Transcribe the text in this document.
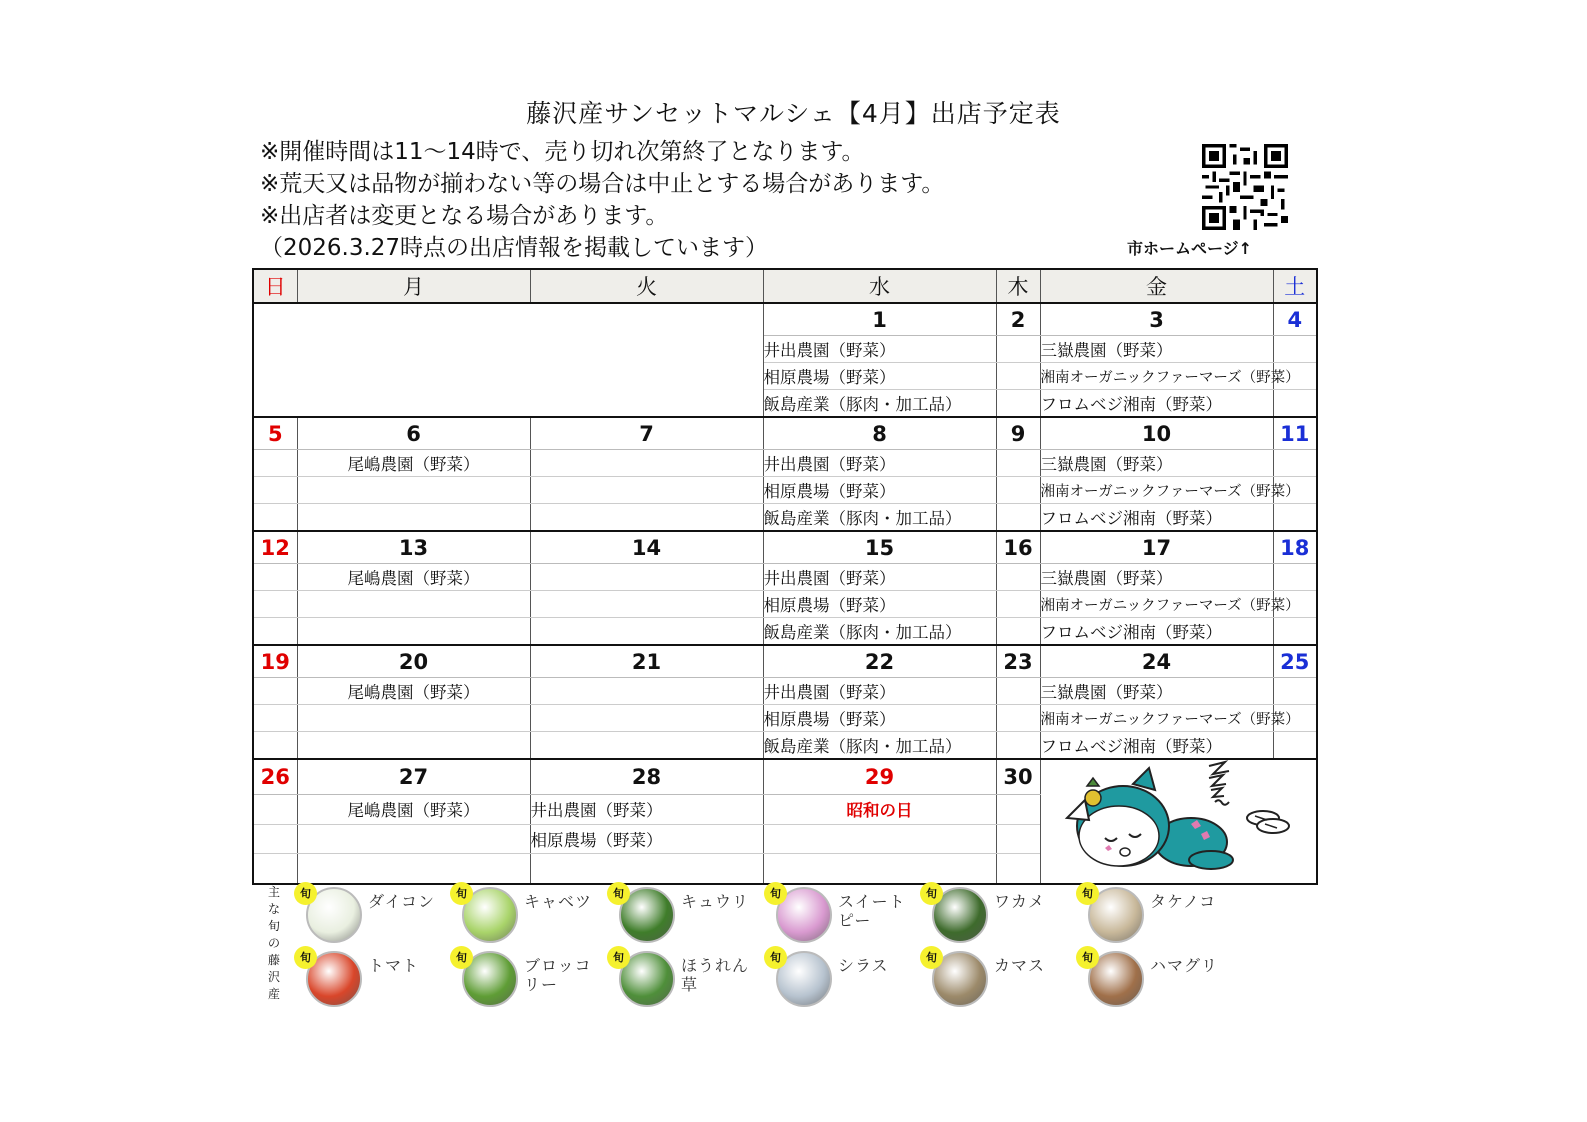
藤沢産サンセットマルシェ【4月】出店予定表
※開催時間は11～14時で、売り切れ次第終了となります。
※荒天又は品物が揃わない等の場合は中止とする場合があります。
※出店者は変更となる場合があります。
（2026.3.27時点の出店情報を掲載しています）	市ホームページ↑
日	月	火	水	木	金	土
			1	2	3	4
			井出農園（野菜）		三嶽農園（野菜）	
			相原農場（野菜）		湘南オーガニックファーマーズ（野菜）	
			飯島産業（豚肉・加工品）		フロムベジ湘南（野菜）	
5	6	7	8	9	10	11
	尾嶋農園（野菜）		井出農園（野菜）		三嶽農園（野菜）	
			相原農場（野菜）		湘南オーガニックファーマーズ（野菜）	
			飯島産業（豚肉・加工品）		フロムベジ湘南（野菜）	
12	13	14	15	16	17	18
	尾嶋農園（野菜）		井出農園（野菜）		三嶽農園（野菜）	
			相原農場（野菜）		湘南オーガニックファーマーズ（野菜）	
			飯島産業（豚肉・加工品）		フロムベジ湘南（野菜）	
19	20	21	22	23	24	25
	尾嶋農園（野菜）		井出農園（野菜）		三嶽農園（野菜）	
			相原農場（野菜）		湘南オーガニックファーマーズ（野菜）	
			飯島産業（豚肉・加工品）		フロムベジ湘南（野菜）	
26	27	28	29	30	
	尾嶋農園（野菜）	井出農園（野菜）	昭和の日			
		相原農場（野菜）				

主な旬の藤沢産
旬	ダイコン	旬	キャベツ	旬	キュウリ	旬	スイートピー
旬	ワカメ	旬	タケノコ
旬	トマト	旬	ブロッコリー
旬	ほうれん草
旬	シラス	旬	カマス	旬	ハマグリ
